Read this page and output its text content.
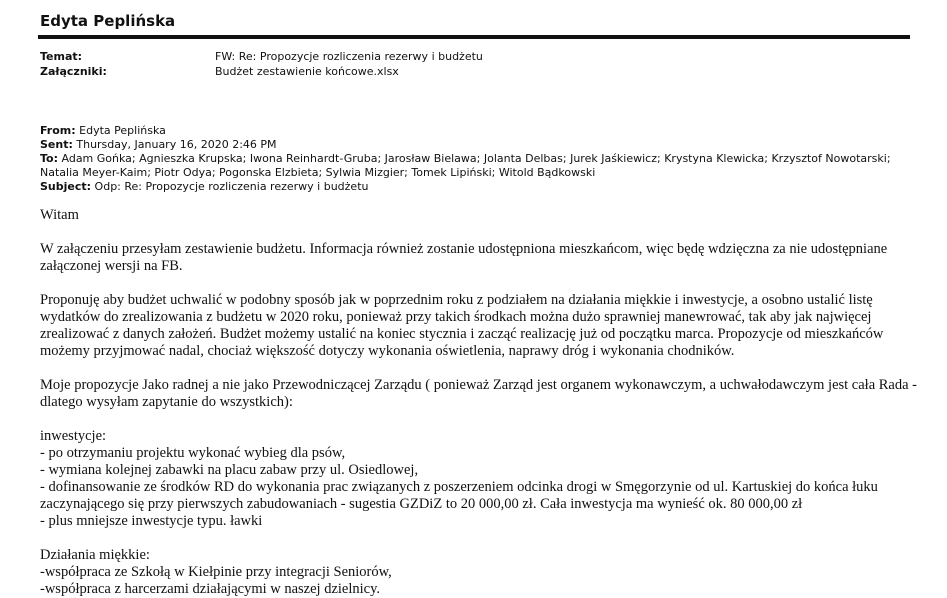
Edyta Peplińska
Temat:	FW: Re: Propozycje rozliczenia rezerwy i budżetu
Załączniki:	Budżet zestawienie końcowe.xlsx
From: Edyta Peplińska
Sent: Thursday, January 16, 2020 2:46 PM
To: Adam Gońka; Agnieszka Krupska; Iwona Reinhardt-Gruba; Jarosław Bielawa; Jolanta Delbas; Jurek Jaśkiewicz; Krystyna Klewicka; Krzysztof Nowotarski; Natalia Meyer-Kaim; Piotr Odya; Pogonska Elzbieta; Sylwia Mizgier; Tomek Lipiński; Witold Bądkowski
Subject: Odp: Re: Propozycje rozliczenia rezerwy i budżetu

Witam

W załączeniu przesyłam zestawienie budżetu. Informacja również zostanie udostępniona mieszkańcom, więc będę wdzięczna za nie udostępniane załączonej wersji na FB.

Proponuję aby budżet uchwalić w podobny sposób jak w poprzednim roku z podziałem na działania miękkie i inwestycje, a osobno ustalić listę wydatków do zrealizowania z budżetu w 2020 roku, ponieważ przy takich środkach można dużo sprawniej manewrować, tak aby jak najwięcej zrealizować z danych założeń. Budżet możemy ustalić na koniec stycznia i zacząć realizację już od początku marca. Propozycje od mieszkańców możemy przyjmować nadal, chociaż większość dotyczy wykonania oświetlenia, naprawy dróg i wykonania chodników.

Moje propozycje Jako radnej a nie jako Przewodniczącej Zarządu ( ponieważ Zarząd jest organem wykonawczym, a uchwałodawczym jest cała Rada - dlatego wysyłam zapytanie do wszystkich):

inwestycje:

- po otrzymaniu projektu wykonać wybieg dla psów,

- wymiana kolejnej zabawki na placu zabaw przy ul. Osiedlowej,

- dofinansowanie ze środków RD do wykonania prac związanych z poszerzeniem odcinka drogi w Smęgorzynie od ul. Kartuskiej do końca łuku zaczynającego się przy pierwszych zabudowaniach - sugestia GZDiZ to 20 000,00 zł. Cała inwestycja ma wynieść ok. 80 000,00 zł

- plus mniejsze inwestycje typu. ławki

Działania miękkie:

-współpraca ze Szkołą w Kiełpinie przy integracji Seniorów,

-współpraca z harcerzami działającymi w naszej dzielnicy.
